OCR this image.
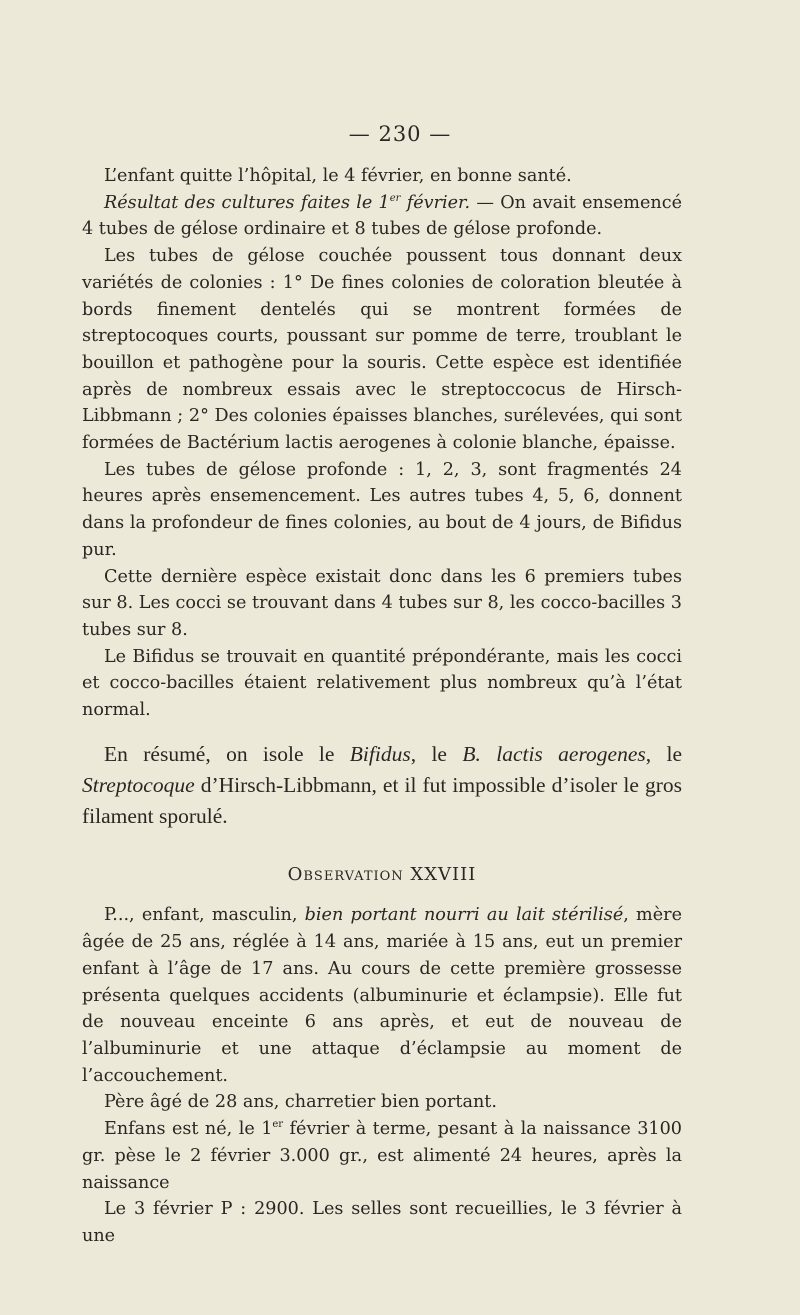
— 230 —

L’enfant quitte l’hôpital, le 4 février, en bonne santé.

Résultat des cultures faites le 1er février. — On avait ensemencé 4 tubes de gélose ordinaire et 8 tubes de gélose profonde.

Les tubes de gélose couchée poussent tous donnant deux variétés de colonies : 1° De fines colonies de coloration bleutée à bords finement dentelés qui se montrent formées de streptocoques courts, poussant sur pomme de terre, troublant le bouillon et pathogène pour la souris. Cette espèce est identifiée après de nombreux essais avec le streptoccocus de Hirsch-Libbmann ; 2° Des colonies épaisses blanches, surélevées, qui sont formées de Bactérium lactis aerogenes à colonie blanche, épaisse.

Les tubes de gélose profonde : 1, 2, 3, sont fragmentés 24 heures après ensemencement. Les autres tubes 4, 5, 6, donnent dans la profondeur de fines colonies, au bout de 4 jours, de Bifidus pur.

Cette dernière espèce existait donc dans les 6 premiers tubes sur 8. Les cocci se trouvant dans 4 tubes sur 8, les cocco-bacilles 3 tubes sur 8.

Le Bifidus se trouvait en quantité prépondérante, mais les cocci et cocco-bacilles étaient relativement plus nombreux qu’à l’état normal.

En résumé, on isole le Bifidus, le B. lactis aerogenes, le Streptocoque d’Hirsch-Libbmann, et il fut impossible d’isoler le gros filament sporulé.

Observation XXVIII

P..., enfant, masculin, bien portant nourri au lait stérilisé, mère âgée de 25 ans, réglée à 14 ans, mariée à 15 ans, eut un premier enfant à l’âge de 17 ans. Au cours de cette première grossesse présenta quelques accidents (albuminurie et éclampsie). Elle fut de nouveau enceinte 6 ans après, et eut de nouveau de l’albuminurie et une attaque d’éclampsie au moment de l’accouchement.

Père âgé de 28 ans, charretier bien portant.

Enfans est né, le 1er février à terme, pesant à la naissance 3100 gr. pèse le 2 février 3.000 gr., est alimenté 24 heures, après la naissance

Le 3 février P : 2900. Les selles sont recueillies, le 3 février à une
